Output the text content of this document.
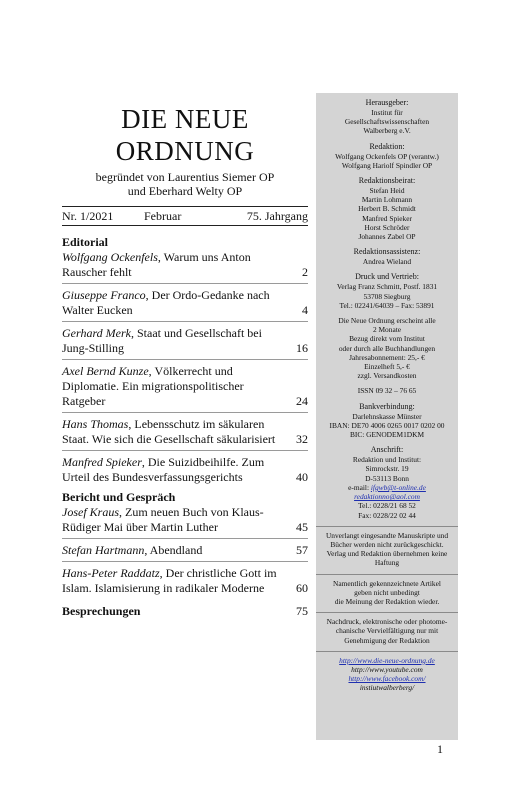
DIE NEUE
ORDNUNG
begründet von Laurentius Siemer OP
und Eberhard Welty OP
Nr. 1/2021	Februar	75. Jahrgang
Editorial
Wolfgang Ockenfels, Warum uns Anton Rauscher fehlt	2
Giuseppe Franco, Der Ordo-Gedanke nach Walter Eucken	4
Gerhard Merk, Staat und Gesellschaft bei Jung-Stilling	16
Axel Bernd Kunze, Völkerrecht und Diplomatie. Ein migrationspolitischer Ratgeber	24
Hans Thomas, Lebensschutz im säkularen Staat. Wie sich die Gesellschaft säkularisiert	32
Manfred Spieker, Die Suizidbeihilfe. Zum Urteil des Bundesverfassungsgerichts	40
Bericht und Gespräch
Josef Kraus, Zum neuen Buch von Klaus-Rüdiger Mai über Martin Luther	45
Stefan Hartmann, Abendland	57
Hans-Peter Raddatz, Der christliche Gott im Islam. Islamisierung in radikaler Moderne	60
Besprechungen	75
Herausgeber:
Institut für
Gesellschaftswissenschaften
Walberberg e.V.
Redaktion:
Wolfgang Ockenfels OP (verantw.)
Wolfgang Hariolf Spindler OP
Redaktionsbeirat:
Stefan Heid
Martin Lohmann
Herbert B. Schmidt
Manfred Spieker
Horst Schröder
Johannes Zabel OP
Redaktionsassistenz:
Andrea Wieland
Druck und Vertrieb:
Verlag Franz Schmitt, Postf. 1831
53708 Siegburg
Tel.: 02241/64039 – Fax: 53891
Die Neue Ordnung erscheint alle
2 Monate
Bezug direkt vom Institut
oder durch alle Buchhandlungen
Jahresabonnement: 25,- €
Einzelheft 5,- €
zzgl. Versandkosten
ISSN 09 32 – 76 65
Bankverbindung:
Darlehnskasse Münster
IBAN: DE70 4006 0265 0017 0202 00
BIC: GENODEM1DKM
Anschrift:
Redaktion und Institut:
Simrockstr. 19
D-53113 Bonn
e-mail: ifgwb@t-online.de
redaktionno@aol.com
Tel.: 0228/21 68 52
Fax: 0228/22 02 44
Unverlangt eingesandte Manuskripte und
Bücher werden nicht zurückgeschickt.
Verlag und Redaktion übernehmen keine
Haftung
Namentlich gekennzeichnete Artikel
geben nicht unbedingt
die Meinung der Redaktion wieder.
Nachdruck, elektronische oder photome-
chanische Vervielfältigung nur mit
Genehmigung der Redaktion
http://www.die-neue-ordnung.de
http://www.youtube.com
http://www.facebook.com/
instiutwalberberg/
1
